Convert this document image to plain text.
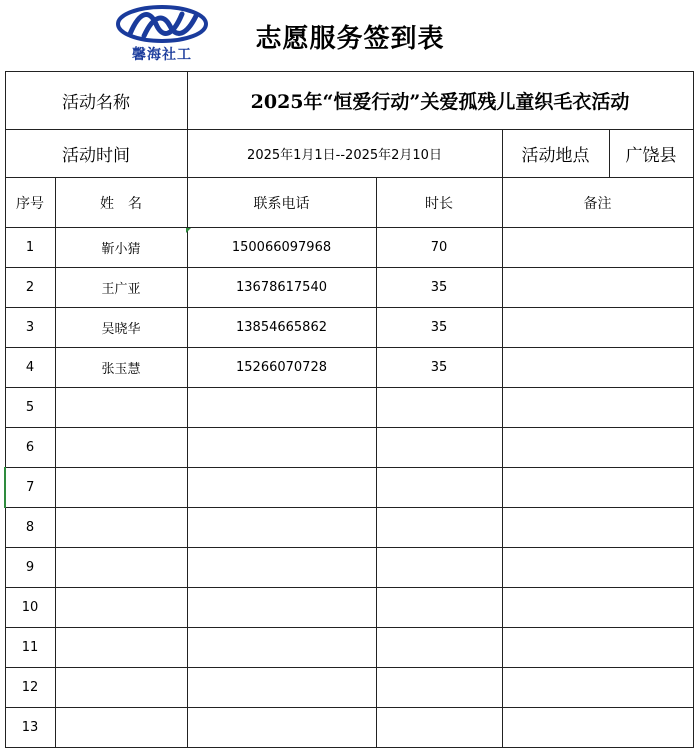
馨海社工
志愿服务签到表
活动名称		2025年“恒爱行动”关爱孤残儿童织毛衣活动			
活动时间		2025年1月1日--2025年2月10日		活动地点	广饶县
序号	姓　名	联系电话	时长	备注	
1	靳小猜	150066097968	70		
2	王广亚	13678617540	35		
3	吴晓华	13854665862	35		
4	张玉慧	15266070728	35		
5					
6					
7					
8					
9					
10					
11					
12					
13					
